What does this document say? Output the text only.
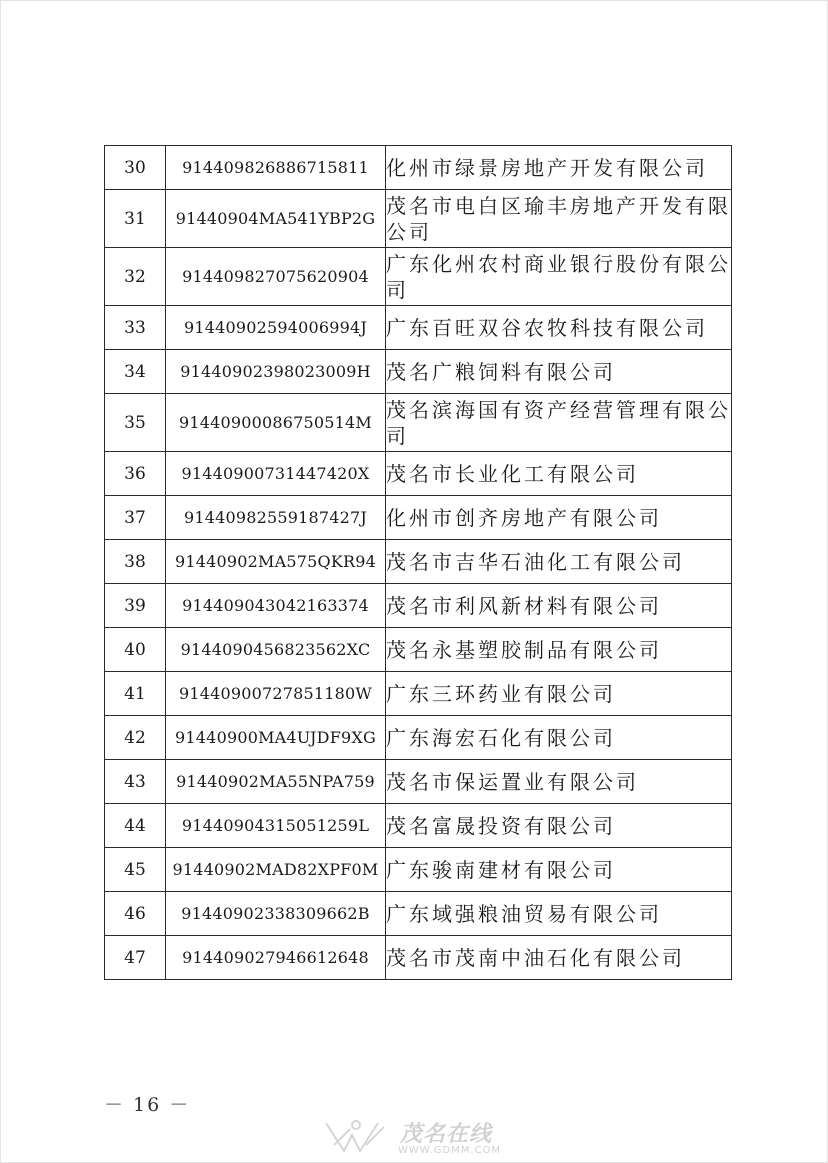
30	914409826886715811	化州市绿景房地产开发有限公司
31	91440904MA541YBP2G	茂名市电白区瑜丰房地产开发有限公司
32	914409827075620904	广东化州农村商业银行股份有限公司
33	91440902594006994J	广东百旺双谷农牧科技有限公司
34	91440902398023009H	茂名广粮饲料有限公司
35	91440900086750514M	茂名滨海国有资产经营管理有限公司
36	91440900731447420X	茂名市长业化工有限公司
37	91440982559187427J	化州市创齐房地产有限公司
38	91440902MA575QKR94	茂名市吉华石油化工有限公司
39	914409043042163374	茂名市利风新材料有限公司
40	9144090456823562XC	茂名永基塑胶制品有限公司
41	91440900727851180W	广东三环药业有限公司
42	91440900MA4UJDF9XG	广东海宏石化有限公司
43	91440902MA55NPA759	茂名市保运置业有限公司
44	91440904315051259L	茂名富晟投资有限公司
45	91440902MAD82XPF0M	广东骏南建材有限公司
46	91440902338309662B	广东域强粮油贸易有限公司
47	914409027946612648	茂名市茂南中油石化有限公司
－ 16 －
茂名在线
WWW.GDMM.COM
